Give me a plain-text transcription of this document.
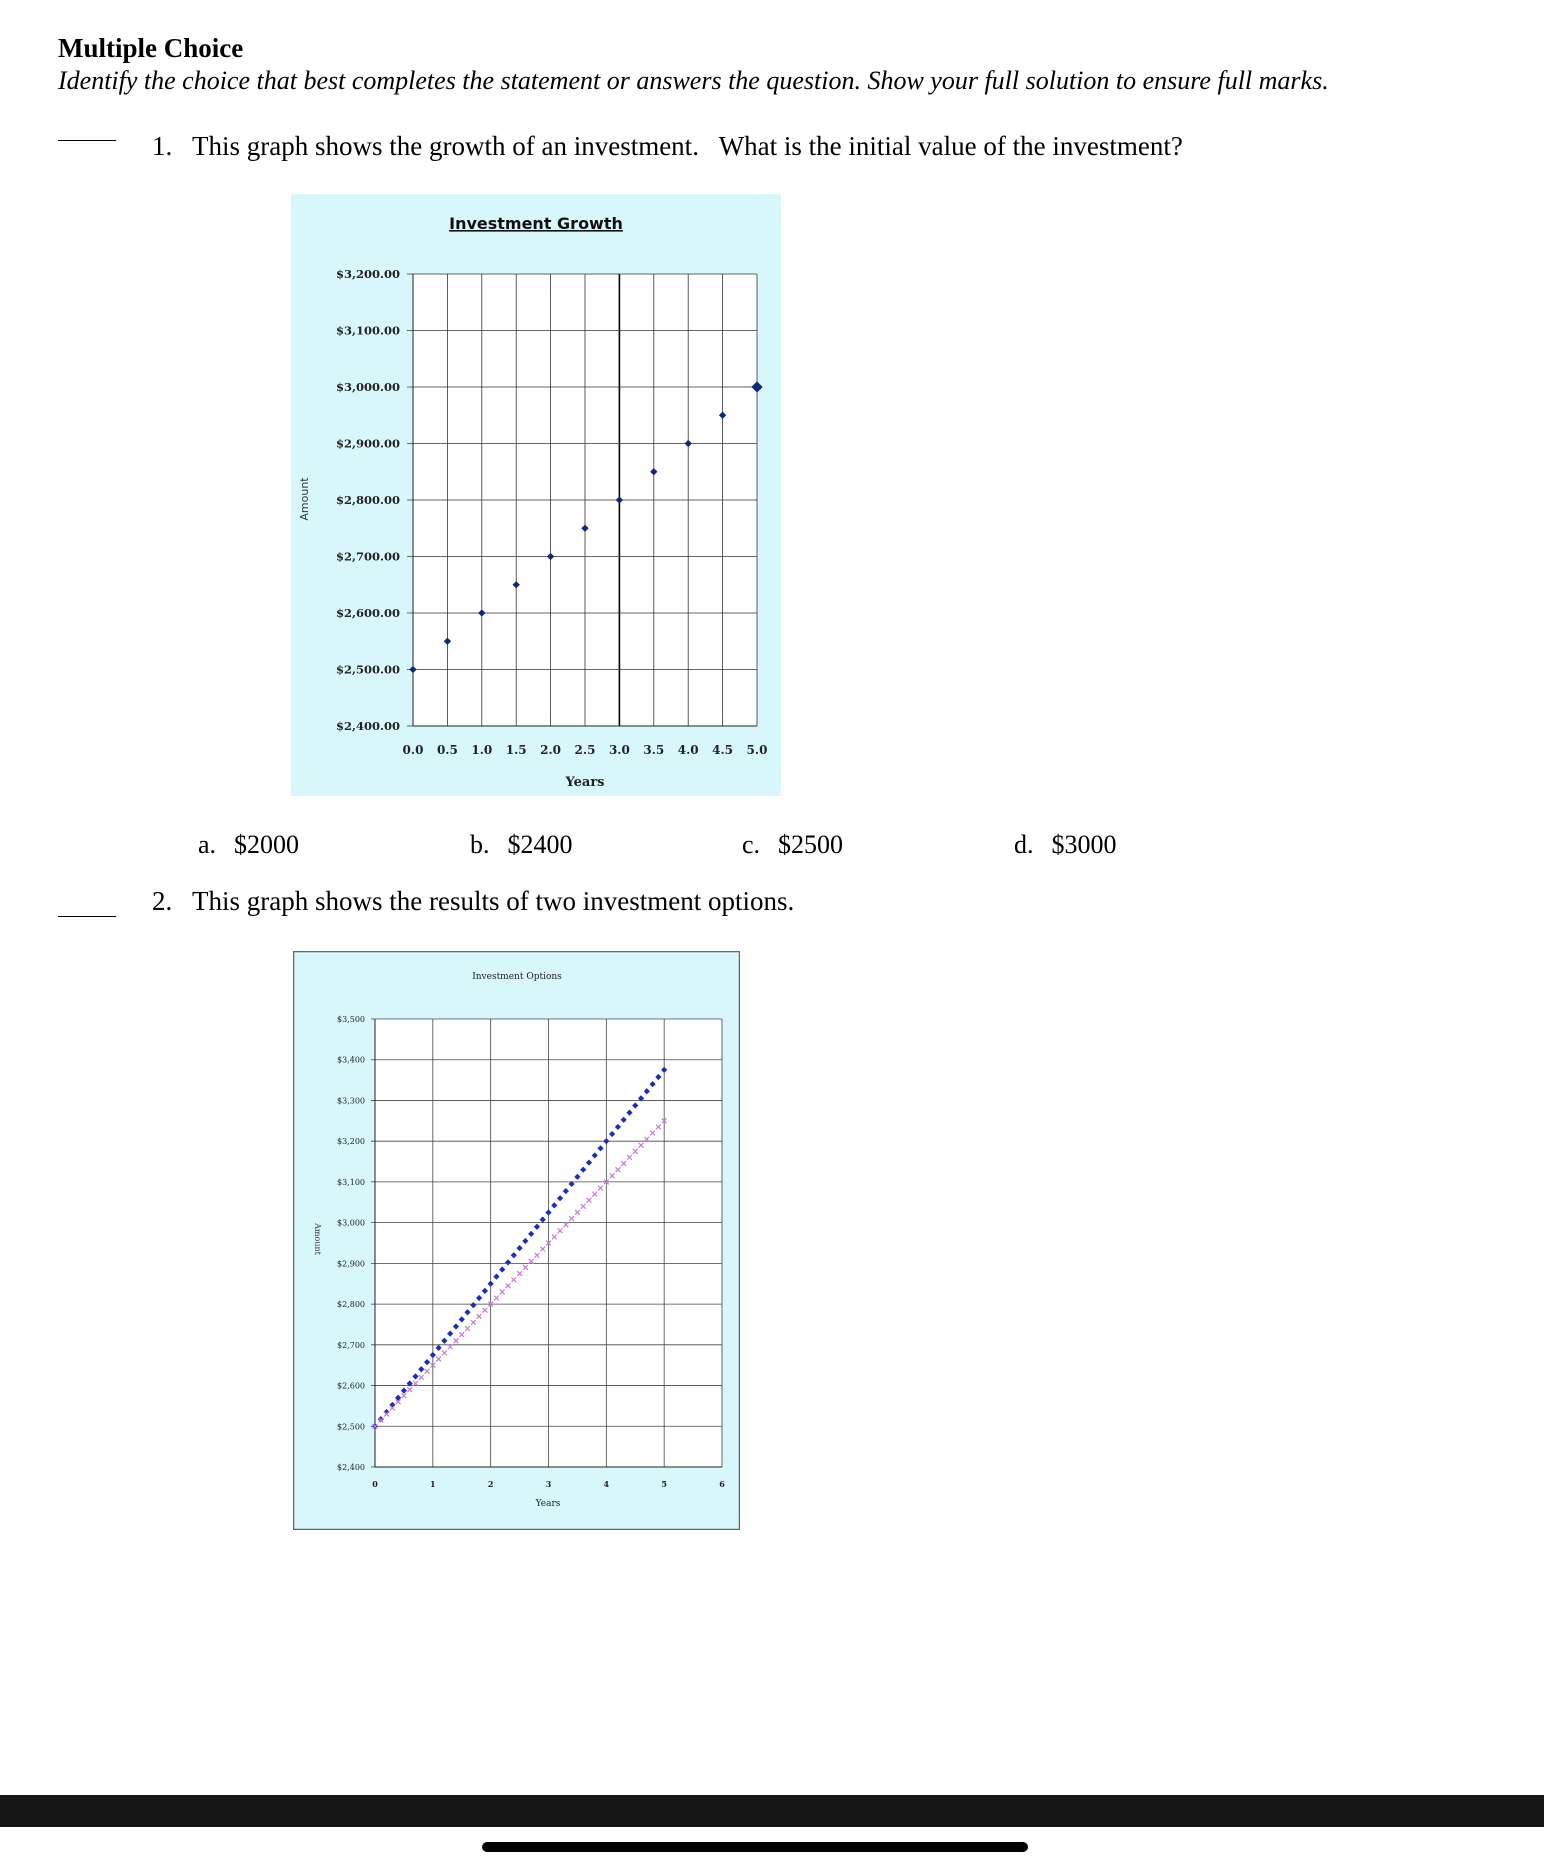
Multiple Choice
Identify the choice that best completes the statement or answers the question. Show your full solution to ensure full marks.
1. This graph shows the growth of an investment.   What is the initial value of the investment?
0.0 0.5 1.0 1.5 2.0 2.5 3.0 3.5 4.0 4.5 5.0
$2,400.00
$2,500.00
$2,600.00
$2,700.00
$2,800.00
$2,900.00
$3,000.00
$3,100.00
$3,200.00
Investment Growth
Years
Amount
a. $2000	b. $2400	c. $2500	d. $3000
2. This graph shows the results of two investment options.
0	1	2	3	4	5	6
$2,400
$2,500
$2,600
$2,700
$2,800
$2,900
$3,000
$3,100
$3,200
$3,300
$3,400
$3,500
Investment Options
Years
Amount
